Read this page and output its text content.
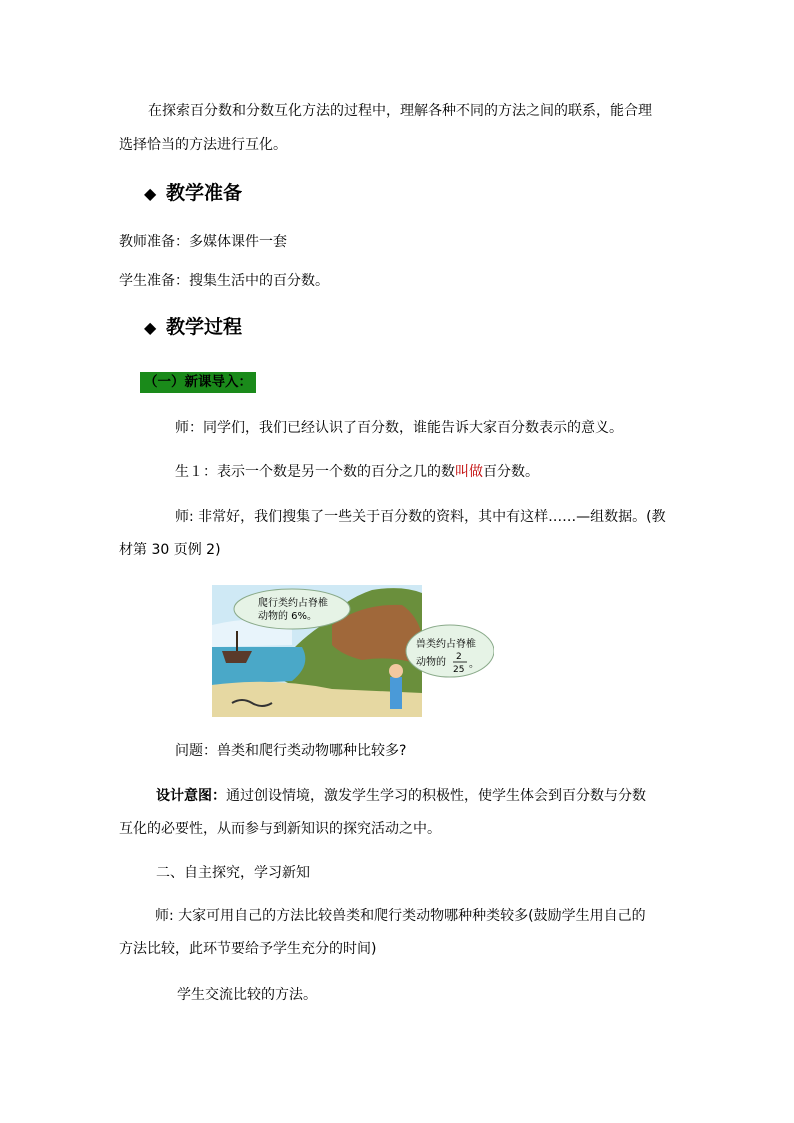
在探索百分数和分数互化方法的过程中，理解各种不同的方法之间的联系，能合理
选择恰当的方法进行互化。
◆ 教学准备
教师准备：多媒体课件一套
学生准备：搜集生活中的百分数。
◆ 教学过程
（一）新课导入：
师：同学们，我们已经认识了百分数，谁能告诉大家百分数表示的意义。
生１：表示一个数是另一个数的百分之几的数叫做百分数。
师: 非常好，我们搜集了一些关于百分数的资料，其中有这样……—组数据。(教
材第 30 页例 2)
爬行类约占脊椎
动物的 6%。
兽类约占脊椎
动物的 2
25 。
问题：兽类和爬行类动物哪种比较多?
设计意图：通过创设情境，激发学生学习的积极性，使学生体会到百分数与分数
互化的必要性，从而参与到新知识的探究活动之中。
二、自主探究，学习新知
师: 大家可用自己的方法比较兽类和爬行类动物哪种种类较多(鼓励学生用自己的
方法比较，此环节要给予学生充分的时间)
学生交流比较的方法。
